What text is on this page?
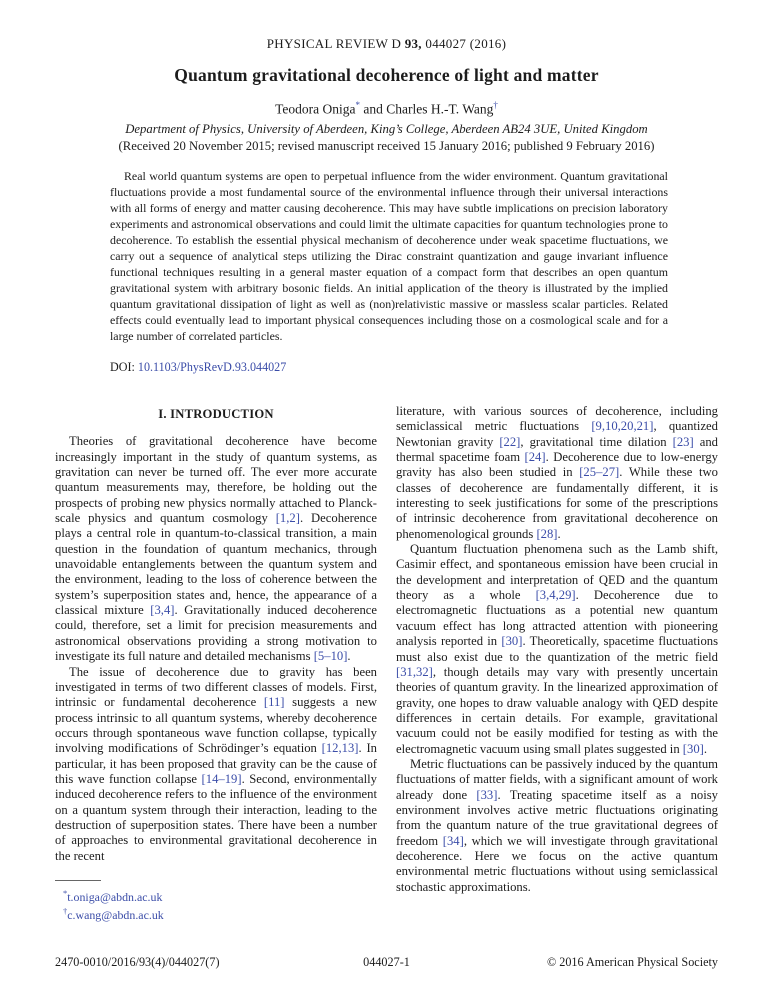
PHYSICAL REVIEW D 93, 044027 (2016)
Quantum gravitational decoherence of light and matter
Teodora Oniga* and Charles H.-T. Wang†
Department of Physics, University of Aberdeen, King’s College, Aberdeen AB24 3UE, United Kingdom
(Received 20 November 2015; revised manuscript received 15 January 2016; published 9 February 2016)
Real world quantum systems are open to perpetual influence from the wider environment. Quantum gravitational fluctuations provide a most fundamental source of the environmental influence through their universal interactions with all forms of energy and matter causing decoherence. This may have subtle implications on precision laboratory experiments and astronomical observations and could limit the ultimate capacities for quantum technologies prone to decoherence. To establish the essential physical mechanism of decoherence under weak spacetime fluctuations, we carry out a sequence of analytical steps utilizing the Dirac constraint quantization and gauge invariant influence functional techniques resulting in a general master equation of a compact form that describes an open quantum gravitational system with arbitrary bosonic fields. An initial application of the theory is illustrated by the implied quantum gravitational dissipation of light as well as (non)relativistic massive or massless scalar particles. Related effects could eventually lead to important physical consequences including those on a cosmological scale and for a large number of correlated particles.
DOI: 10.1103/PhysRevD.93.044027
I. INTRODUCTION

Theories of gravitational decoherence have become increasingly important in the study of quantum systems, as gravitation can never be turned off. The ever more accurate quantum measurements may, therefore, be holding out the prospects of probing new physics normally attached to Planck-scale physics and quantum cosmology [1,2]. Decoherence plays a central role in quantum-to-classical transition, a main question in the foundation of quantum mechanics, through unavoidable entanglements between the quantum system and the environment, leading to the loss of coherence between the system’s superposition states and, hence, the appearance of a classical mixture [3,4]. Gravitationally induced decoherence could, therefore, set a limit for precision measurements and astronomical observations providing a strong motivation to investigate its full nature and detailed mechanisms [5–10].

The issue of decoherence due to gravity has been investigated in terms of two different classes of models. First, intrinsic or fundamental decoherence [11] suggests a new process intrinsic to all quantum systems, whereby decoherence occurs through spontaneous wave function collapse, typically involving modifications of Schrödinger’s equation [12,13]. In particular, it has been proposed that gravity can be the cause of this wave function collapse [14–19]. Second, environmentally induced decoherence refers to the influence of the environment on a quantum system through their interaction, leading to the destruction of superposition states. There have been a number of approaches to environmental gravitational decoherence in the recent

*t.oniga@abdn.ac.uk
†c.wang@abdn.ac.uk

literature, with various sources of decoherence, including semiclassical metric fluctuations [9,10,20,21], quantized Newtonian gravity [22], gravitational time dilation [23] and thermal spacetime foam [24]. Decoherence due to low-energy gravity has also been studied in [25–27]. While these two classes of decoherence are fundamentally different, it is interesting to seek justifications for some of the prescriptions of intrinsic decoherence from gravitational decoherence on phenomenological grounds [28].

Quantum fluctuation phenomena such as the Lamb shift, Casimir effect, and spontaneous emission have been crucial in the development and interpretation of QED and the quantum theory as a whole [3,4,29]. Decoherence due to electromagnetic fluctuations as a potential new quantum vacuum effect has long attracted attention with pioneering analysis reported in [30]. Theoretically, spacetime fluctuations must also exist due to the quantization of the metric field [31,32], though details may vary with presently uncertain theories of quantum gravity. In the linearized approximation of gravity, one hopes to draw valuable analogy with QED despite differences in certain details. For example, gravitational vacuum could not be easily modified for testing as with the electromagnetic vacuum using small plates suggested in [30].

Metric fluctuations can be passively induced by the quantum fluctuations of matter fields, with a significant amount of work already done [33]. Treating spacetime itself as a noisy environment involves active metric fluctuations originating from the quantum nature of the true gravitational degrees of freedom [34], which we will investigate through gravitational decoherence. Here we focus on the active quantum environmental metric fluctuations without using semiclassical stochastic approximations.

2470-0010/2016/93(4)/044027(7)	044027-1	© 2016 American Physical Society
